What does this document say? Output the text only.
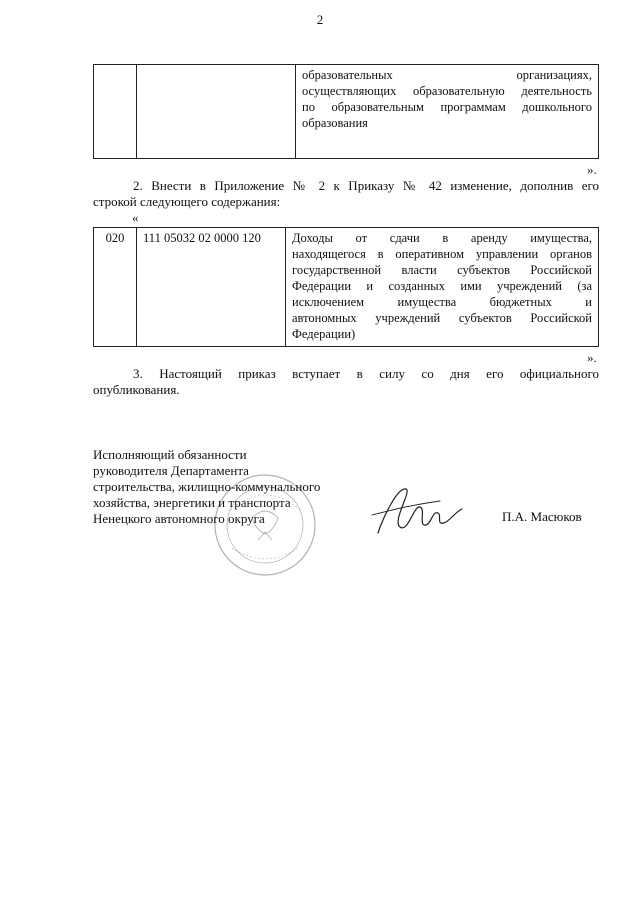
2

образовательных организациях,
осуществляющих образовательную деятельность
по образовательным программам дошкольного
образования
».
2. Внести в Приложение № 2 к Приказу № 42 изменение, дополнив его
строкой следующего содержания:
«
020	111 05032 02 0000 120	Доходы от сдачи в аренду имущества,
находящегося в оперативном управлении органов
государственной власти субъектов Российской
Федерации и созданных ими учреждений (за
исключением имущества бюджетных и
автономных учреждений субъектов Российской
Федерации)
».
3. Настоящий приказ вступает в силу со дня его официального
опубликования.
Исполняющий обязанности
руководителя Департамента
строительства, жилищно-коммунального
хозяйства, энергетики и транспорта
Ненецкого автономного округа	П.А. Масюков
